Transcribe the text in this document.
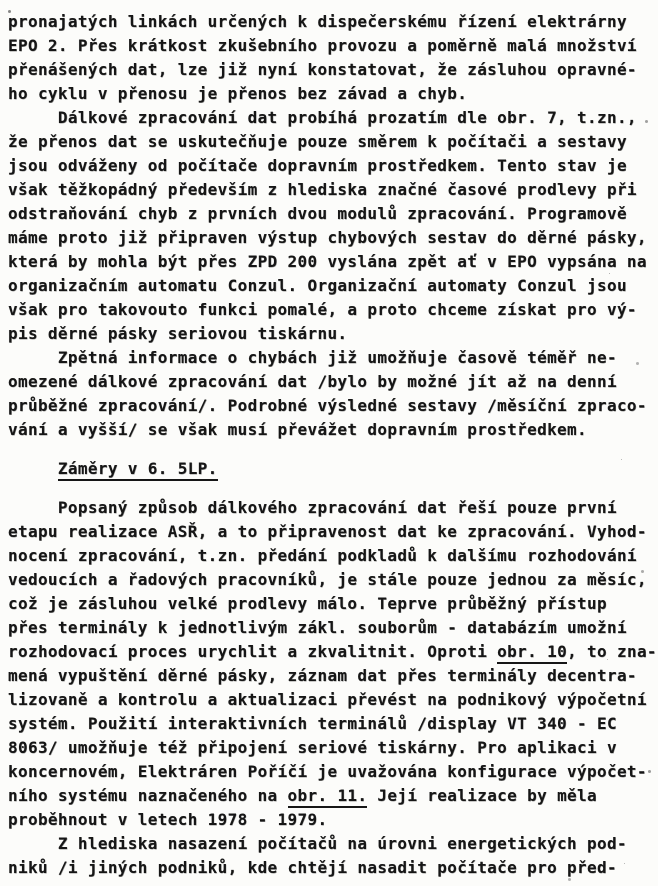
pronajatých linkách určených k dispečerskému řízení elektrárny
EPO 2. Přes krátkost zkušebního provozu a poměrně malá množství
přenášených dat, lze již nyní konstatovat, že zásluhou opravné-
ho cyklu v přenosu je přenos bez závad a chyb.
Dálkové zpracování dat probíhá prozatím dle obr. 7, t.zn.,
že přenos dat se uskutečňuje pouze směrem k počítači a sestavy
jsou odváženy od počítače dopravním prostředkem. Tento stav je
však těžkopádný především z hlediska značné časové prodlevy při
odstraňování chyb z prvních dvou modulů zpracování. Programově
máme proto již připraven výstup chybových sestav do děrné pásky,
která by mohla být přes ZPD 200 vyslána zpět ať v EPO vypsána na
organizačním automatu Conzul. Organizační automaty Conzul jsou
však pro takovouto funkci pomalé, a proto chceme získat pro vý-
pis děrné pásky seriovou tiskárnu.
Zpětná informace o chybách již umožňuje časově téměř ne-
omezené dálkové zpracování dat /bylo by možné jít až na denní
průběžné zpracování/. Podrobné výsledné sestavy /měsíční zpraco-
vání a vyšší/ se však musí převážet dopravním prostředkem.
Záměry v 6. 5LP.
Popsaný způsob dálkového zpracování dat řeší pouze první
etapu realizace ASŘ, a to připravenost dat ke zpracování. Vyhod-
nocení zpracování, t.zn. předání podkladů k dalšímu rozhodování
vedoucích a řadových pracovníků, je stále pouze jednou za měsíc,
což je zásluhou velké prodlevy málo. Teprve průběžný přístup
přes terminály k jednotlivým zákl. souborům - databázím umožní
rozhodovací proces urychlit a zkvalitnit. Oproti obr. 10, to zna-
mená vypuštění děrné pásky, záznam dat přes terminály decentra-
lizovaně a kontrolu a aktualizaci převést na podnikový výpočetní
systém. Použití interaktivních terminálů /display VT 340 - EC
8063/ umožňuje též připojení seriové tiskárny. Pro aplikaci v
koncernovém, Elektráren Poříčí je uvažována konfigurace výpočet-
ního systému naznačeného na obr. 11. Její realizace by měla
proběhnout v letech 1978 - 1979.
Z hlediska nasazení počítačů na úrovni energetických pod-
niků /i jiných podniků, kde chtějí nasadit počítače pro před-
